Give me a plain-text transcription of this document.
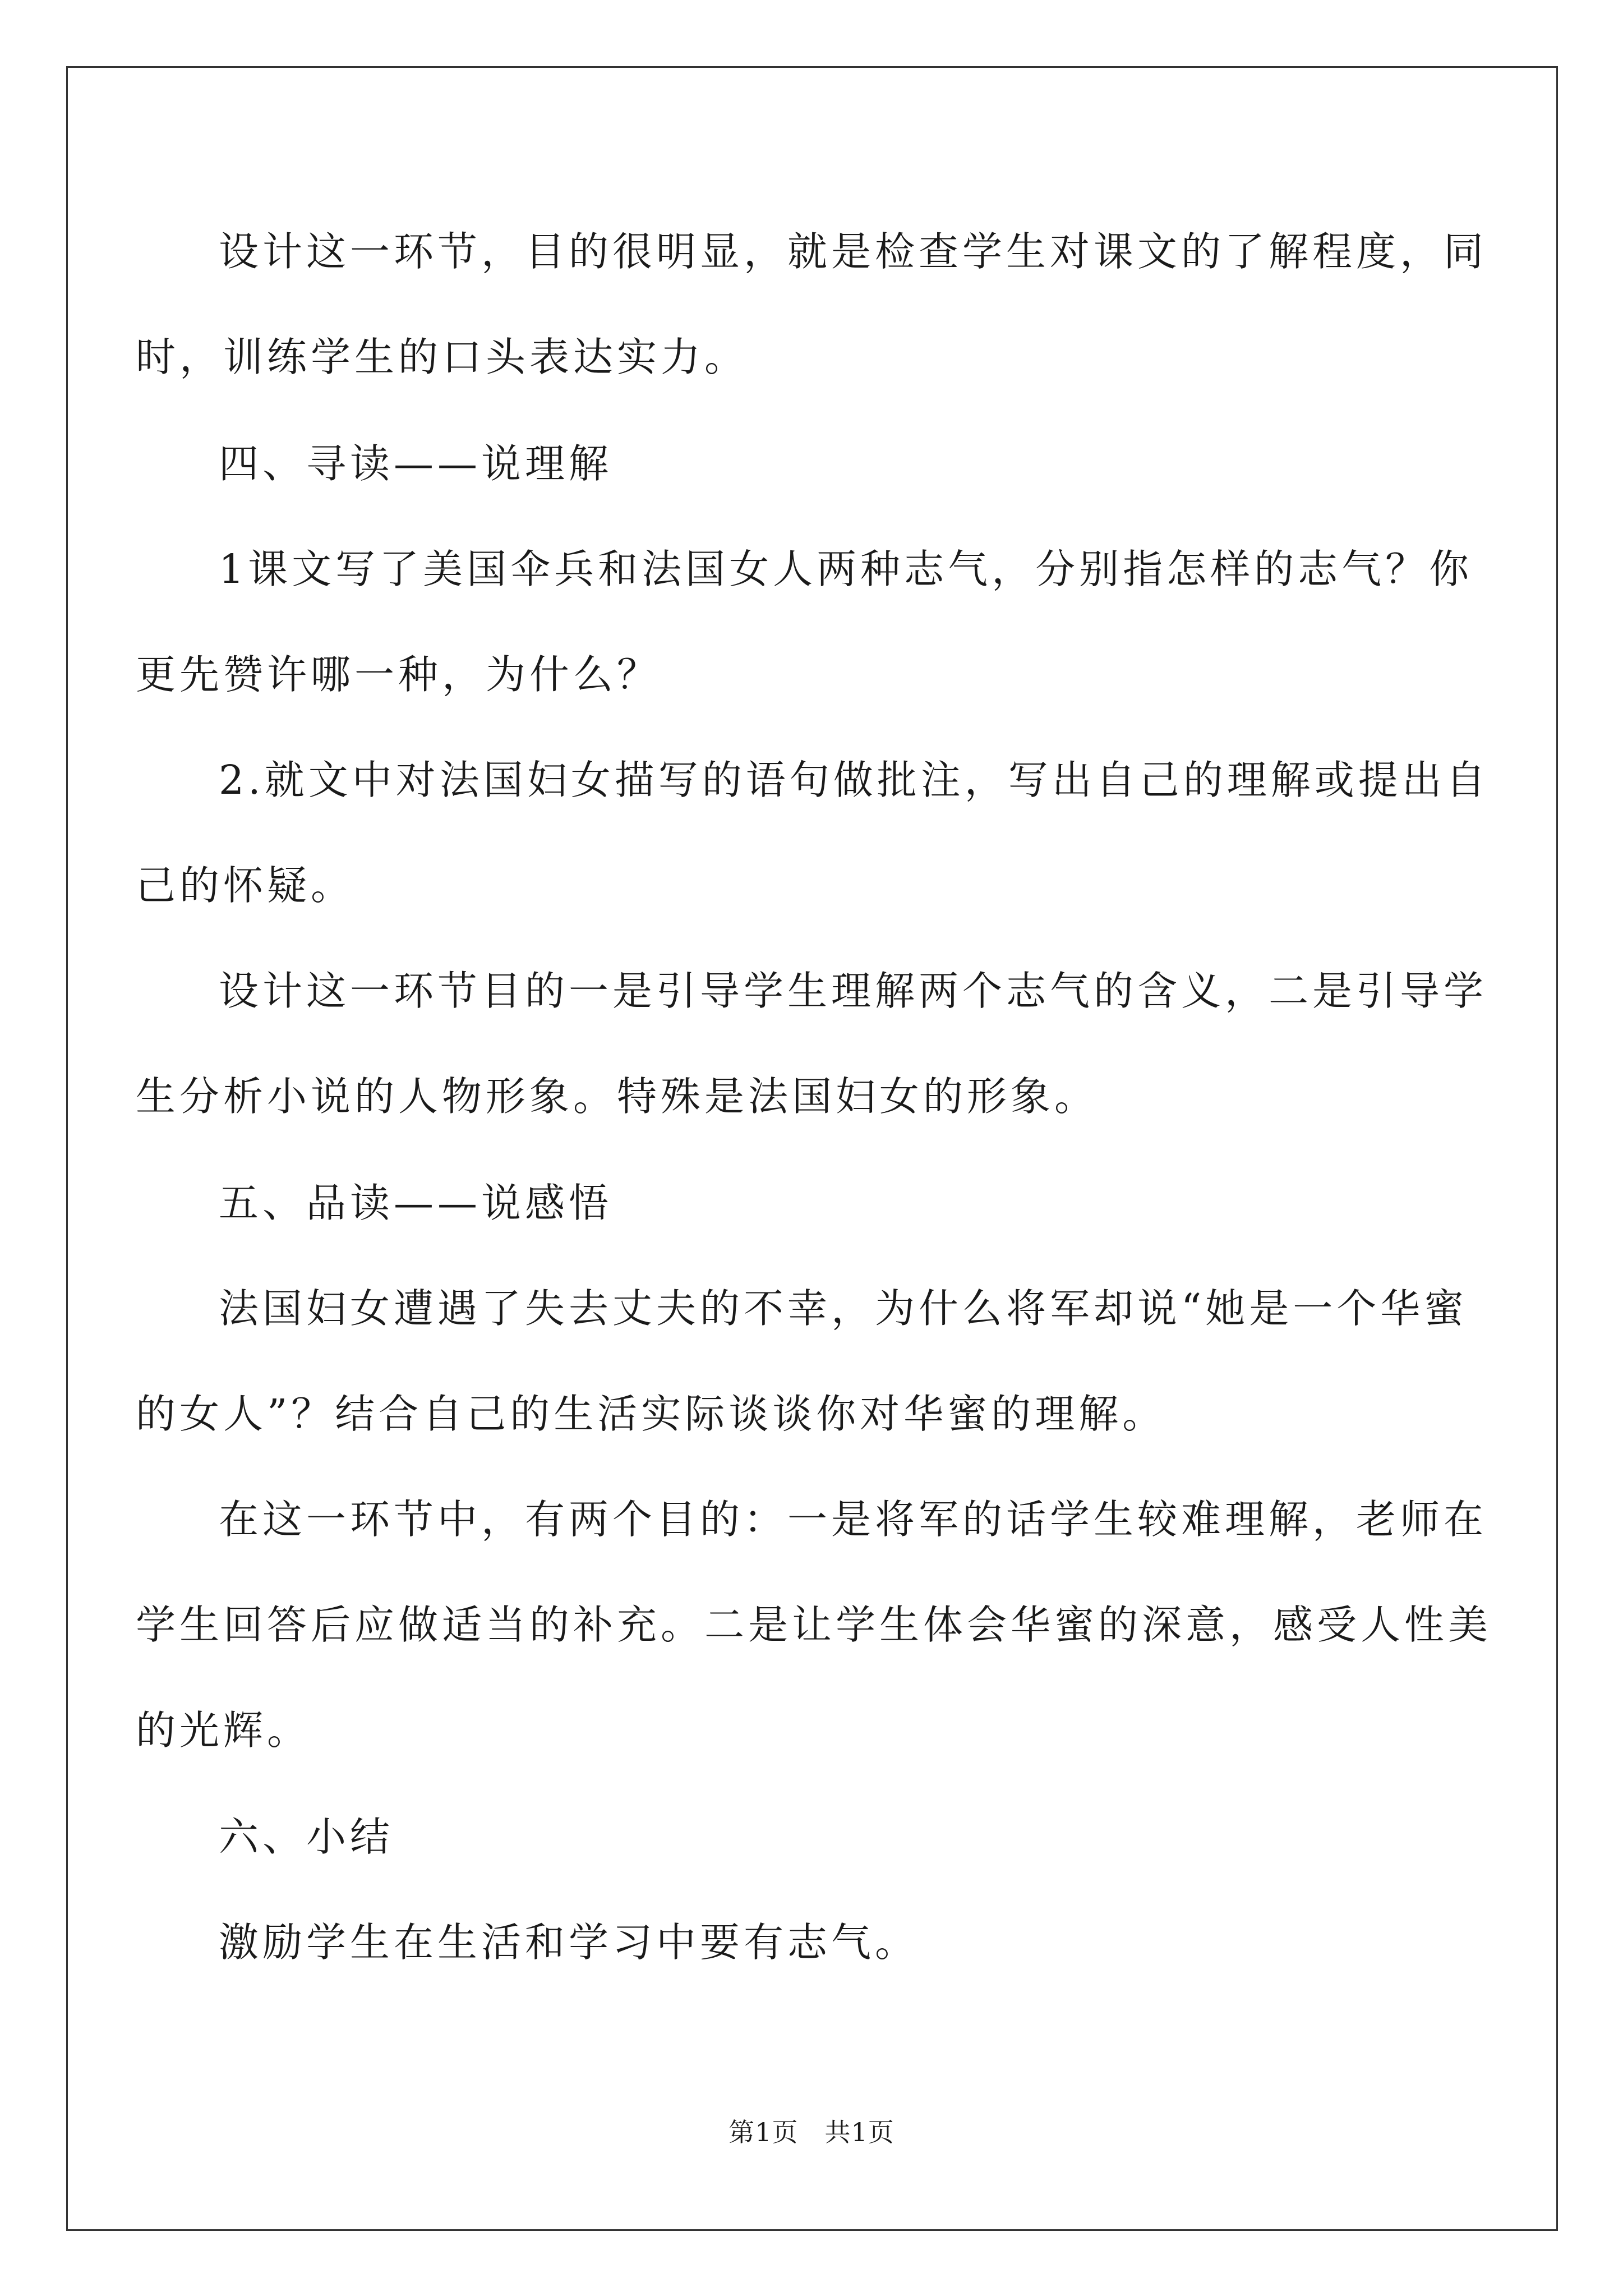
设计这一环节，目的很明显，就是检查学生对课文的了解程度，同时，训练学生的口头表达实力。

四、寻读——说理解

1课文写了美国伞兵和法国女人两种志气，分别指怎样的志气？你更先赞许哪一种，为什么？

2.就文中对法国妇女描写的语句做批注，写出自己的理解或提出自己的怀疑。

设计这一环节目的一是引导学生理解两个志气的含义，二是引导学生分析小说的人物形象。特殊是法国妇女的形象。

五、品读——说感悟

法国妇女遭遇了失去丈夫的不幸，为什么将军却说“她是一个华蜜的女人”？结合自己的生活实际谈谈你对华蜜的理解。

在这一环节中，有两个目的：一是将军的话学生较难理解，老师在学生回答后应做适当的补充。二是让学生体会华蜜的深意，感受人性美的光辉。

六、小结

激励学生在生活和学习中要有志气。

第1页　共1页
